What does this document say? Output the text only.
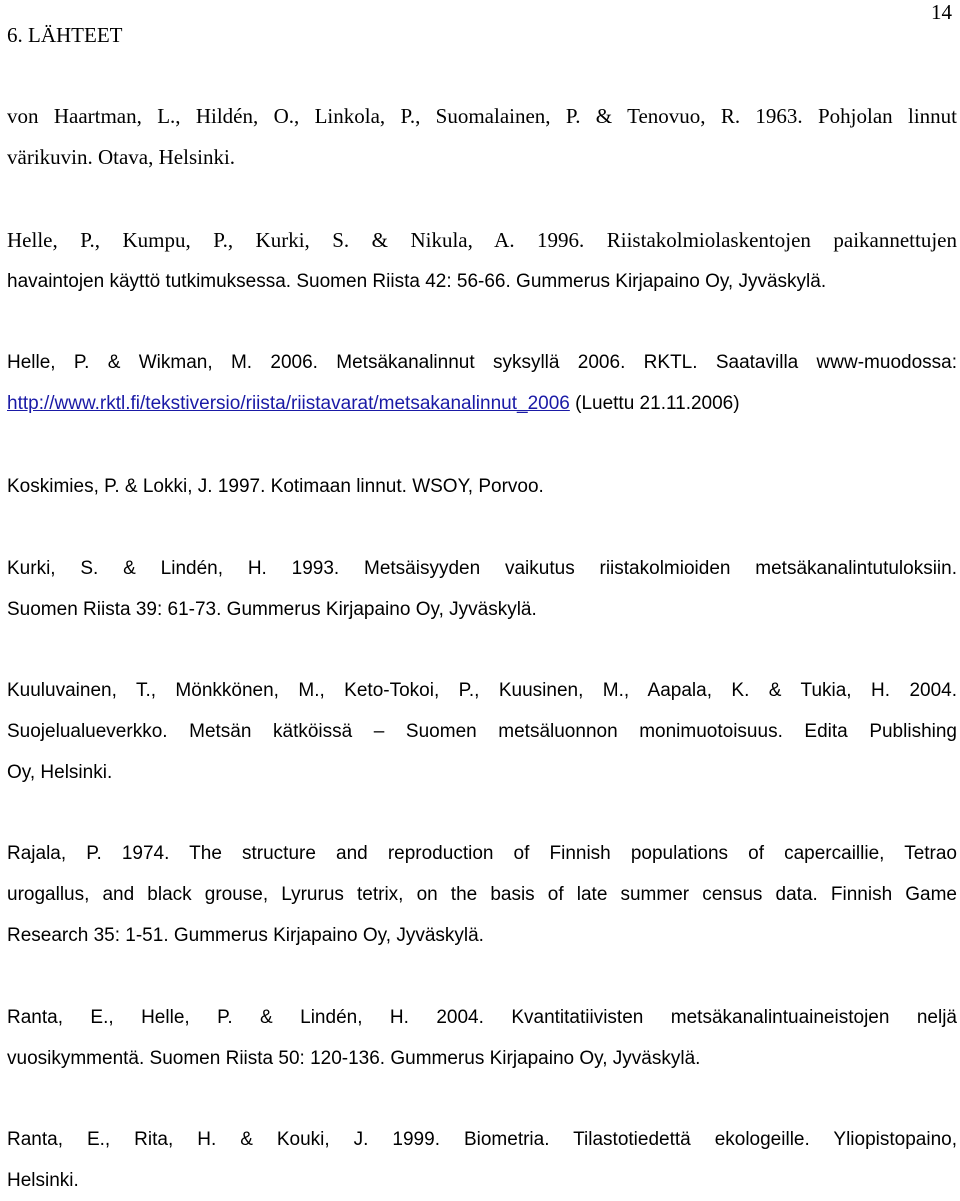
14
6. LÄHTEET
von Haartman, L., Hildén, O., Linkola, P., Suomalainen, P. & Tenovuo, R. 1963. Pohjolan linnut
värikuvin. Otava, Helsinki.
Helle, P., Kumpu, P., Kurki, S. & Nikula, A. 1996. Riistakolmiolaskentojen paikannettujen
havaintojen käyttö tutkimuksessa. Suomen Riista 42: 56-66. Gummerus Kirjapaino Oy, Jyväskylä.
Helle, P. & Wikman, M. 2006. Metsäkanalinnut syksyllä 2006. RKTL. Saatavilla www-muodossa:
http://www.rktl.fi/tekstiversio/riista/riistavarat/metsakanalinnut_2006 (Luettu 21.11.2006)
Koskimies, P. & Lokki, J. 1997. Kotimaan linnut. WSOY, Porvoo.
Kurki, S. & Lindén, H. 1993. Metsäisyyden vaikutus riistakolmioiden metsäkanalintutuloksiin.
Suomen Riista 39: 61-73. Gummerus Kirjapaino Oy, Jyväskylä.
Kuuluvainen, T., Mönkkönen, M., Keto-Tokoi, P., Kuusinen, M., Aapala, K. & Tukia, H. 2004.
Suojelualueverkko. Metsän kätköissä – Suomen metsäluonnon monimuotoisuus. Edita Publishing
Oy, Helsinki.
Rajala, P. 1974. The structure and reproduction of Finnish populations of capercaillie, Tetrao
urogallus, and black grouse, Lyrurus tetrix, on the basis of late summer census data. Finnish Game
Research 35: 1-51. Gummerus Kirjapaino Oy, Jyväskylä.
Ranta, E., Helle, P. & Lindén, H. 2004. Kvantitatiivisten metsäkanalintuaineistojen neljä
vuosikymmentä. Suomen Riista 50: 120-136. Gummerus Kirjapaino Oy, Jyväskylä.
Ranta, E., Rita, H. & Kouki, J. 1999. Biometria. Tilastotiedettä ekologeille. Yliopistopaino,
Helsinki.
